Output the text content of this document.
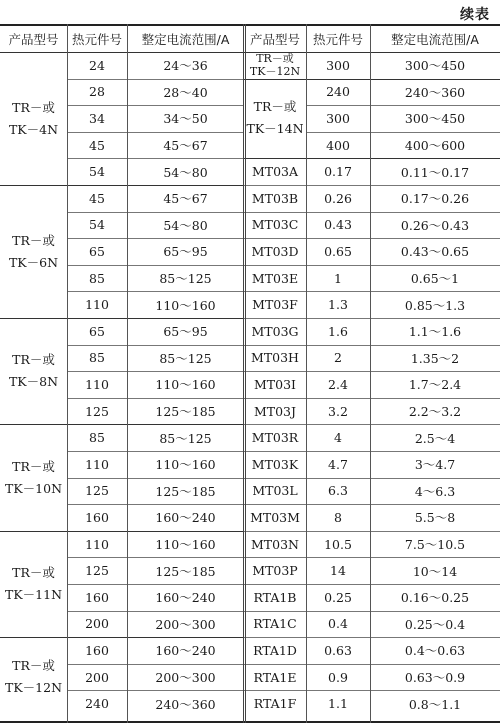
续表
产品型号	热元件号	整定电流范围/A	产品型号	热元件号	整定电流范围/A
TR－或
TK－4N
24	24～36
28	28～40
34	34～50
45	45～67
54	54～80
TR－或
TK－6N
45	45～67
54	54～80
65	65～95
85	85～125
110	110～160
TR－或
TK－8N
65	65～95
85	85～125
110	110～160
125	125～185
TR－或
TK－10N
85	85～125
110	110～160
125	125～185
160	160～240
TR－或
TK－11N
110	110～160
125	125～185
160	160～240
200	200～300
TR－或
TK－12N
160	160～240
200	200～300
240	240～360
TR－或
TK－12N	300	300～450
TR－或
TK－14N
240	240～360
300	300～450
400	400～600
MT03A	0.17	0.11～0.17
MT03B	0.26	0.17～0.26
MT03C	0.43	0.26～0.43
MT03D	0.65	0.43～0.65
MT03E	1	0.65～1
MT03F	1.3	0.85～1.3
MT03G	1.6	1.1～1.6
MT03H	2	1.35～2
MT03I	2.4	1.7～2.4
MT03J	3.2	2.2～3.2
MT03R	4	2.5～4
MT03K	4.7	3～4.7
MT03L	6.3	4～6.3
MT03M	8	5.5～8
MT03N	10.5	7.5～10.5
MT03P	14	10～14
RTA1B	0.25	0.16～0.25
RTA1C	0.4	0.25～0.4
RTA1D	0.63	0.4～0.63
RTA1E	0.9	0.63～0.9
RTA1F	1.1	0.8～1.1
